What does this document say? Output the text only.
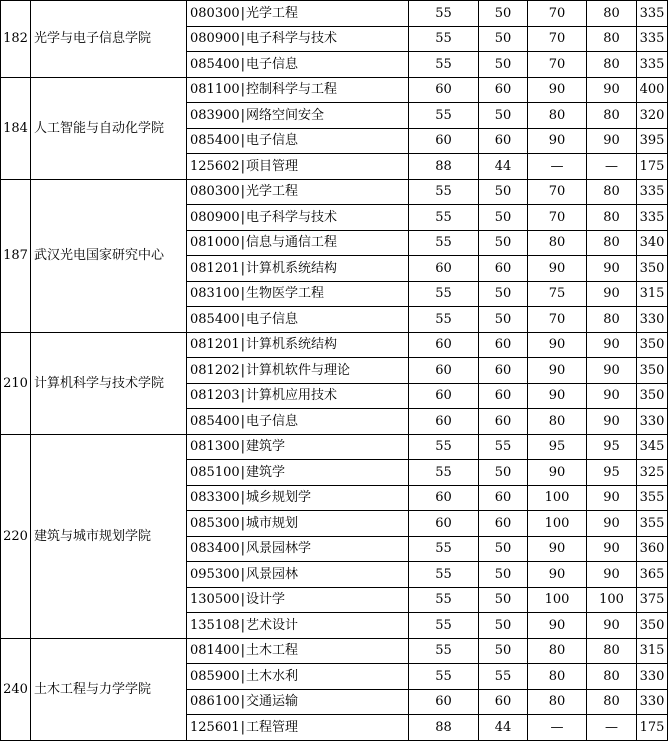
182	光学与电子信息学院	080300|光学工程	55	50	70	80	335
		080900|电子科学与技术	55	50	70	80	335
		085400|电子信息	55	50	70	80	335
184	人工智能与自动化学院	081100|控制科学与工程	60	60	90	90	400
		083900|网络空间安全	55	50	80	80	320
		085400|电子信息	60	60	90	90	395
		125602|项目管理	88	44	—	—	175
187	武汉光电国家研究中心	080300|光学工程	55	50	70	80	335
		080900|电子科学与技术	55	50	70	80	335
		081000|信息与通信工程	55	50	80	80	340
		081201|计算机系统结构	60	60	90	90	350
		083100|生物医学工程	55	50	75	90	315
		085400|电子信息	55	50	70	80	330
210	计算机科学与技术学院	081201|计算机系统结构	60	60	90	90	350
		081202|计算机软件与理论	60	60	90	90	350
		081203|计算机应用技术	60	60	90	90	350
		085400|电子信息	60	60	80	90	330
220	建筑与城市规划学院	081300|建筑学	55	55	95	95	345
		085100|建筑学	55	50	90	95	325
		083300|城乡规划学	60	60	100	90	355
		085300|城市规划	60	60	100	90	355
		083400|风景园林学	55	50	90	90	360
		095300|风景园林	55	50	90	90	365
		130500|设计学	55	50	100	100	375
		135108|艺术设计	55	50	90	90	350
240	土木工程与力学学院	081400|土木工程	55	50	80	80	315
		085900|土木水利	55	55	80	80	330
		086100|交通运输	60	60	80	80	330
		125601|工程管理	88	44	—	—	175
